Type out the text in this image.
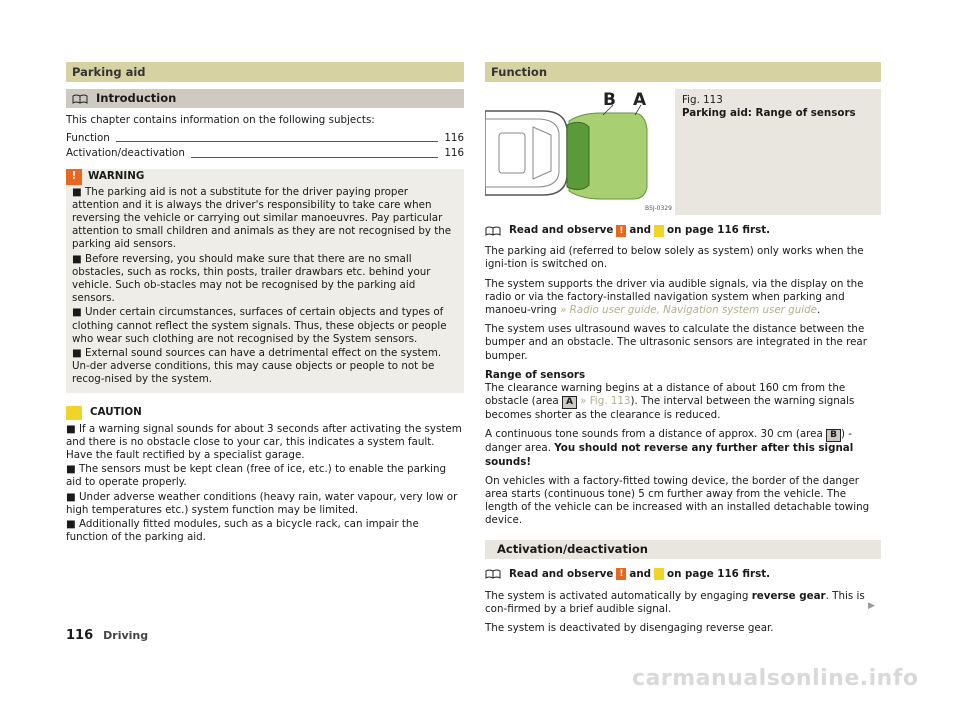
Parking aid
Introduction

This chapter contains information on the following subjects:

Function	116
Activation/deactivation	116
!	WARNING
■ The parking aid is not a substitute for the driver paying proper attention and it is always the driver's responsibility to take care when reversing the vehicle or carrying out similar manoeuvres. Pay particular attention to small children and animals as they are not recognised by the parking aid sensors.
■ Before reversing, you should make sure that there are no small obstacles, such as rocks, thin posts, trailer drawbars etc. behind your vehicle. Such ob-stacles may not be recognised by the parking aid sensors.
■ Under certain circumstances, surfaces of certain objects and types of clothing cannot reflect the system signals. Thus, these objects or people who wear such clothing are not recognised by the System sensors.
■ External sound sources can have a detrimental effect on the system. Un-der adverse conditions, this may cause objects or people to not be recog-nised by the system.
CAUTION
■ If a warning signal sounds for about 3 seconds after activating the system and there is no obstacle close to your car, this indicates a system fault. Have the fault rectified by a specialist garage.
■ The sensors must be kept clean (free of ice, etc.) to enable the parking aid to operate properly.
■ Under adverse weather conditions (heavy rain, water vapour, very low or high temperatures etc.) system function may be limited.
■ Additionally fitted modules, such as a bicycle rack, can impair the function of the parking aid.
Function
B A
B5J-0329
Fig. 113
Parking aid: Range of sensors
Read and observe ! and on page 116 first.

The parking aid (referred to below solely as system) only works when the igni-tion is switched on.

The system supports the driver via audible signals, via the display on the radio or via the factory-installed navigation system when parking and manoeu-vring » Radio user guide, Navigation system user guide.

The system uses ultrasound waves to calculate the distance between the bumper and an obstacle. The ultrasonic sensors are integrated in the rear bumper.

Range of sensors
The clearance warning begins at a distance of about 160 cm from the obstacle (area A » Fig. 113). The interval between the warning signals becomes shorter as the clearance is reduced.

A continuous tone sounds from a distance of approx. 30 cm (area B ) - danger area. You should not reverse any further after this signal sounds!

On vehicles with a factory-fitted towing device, the border of the danger area starts (continuous tone) 5 cm further away from the vehicle. The length of the vehicle can be increased with an installed detachable towing device.

Activation/deactivation
Read and observe ! and on page 116 first.

The system is activated automatically by engaging reverse gear. This is con-firmed by a brief audible signal.

The system is deactivated by disengaging reverse gear.

▶
116 Driving
carmanualsonline.info
